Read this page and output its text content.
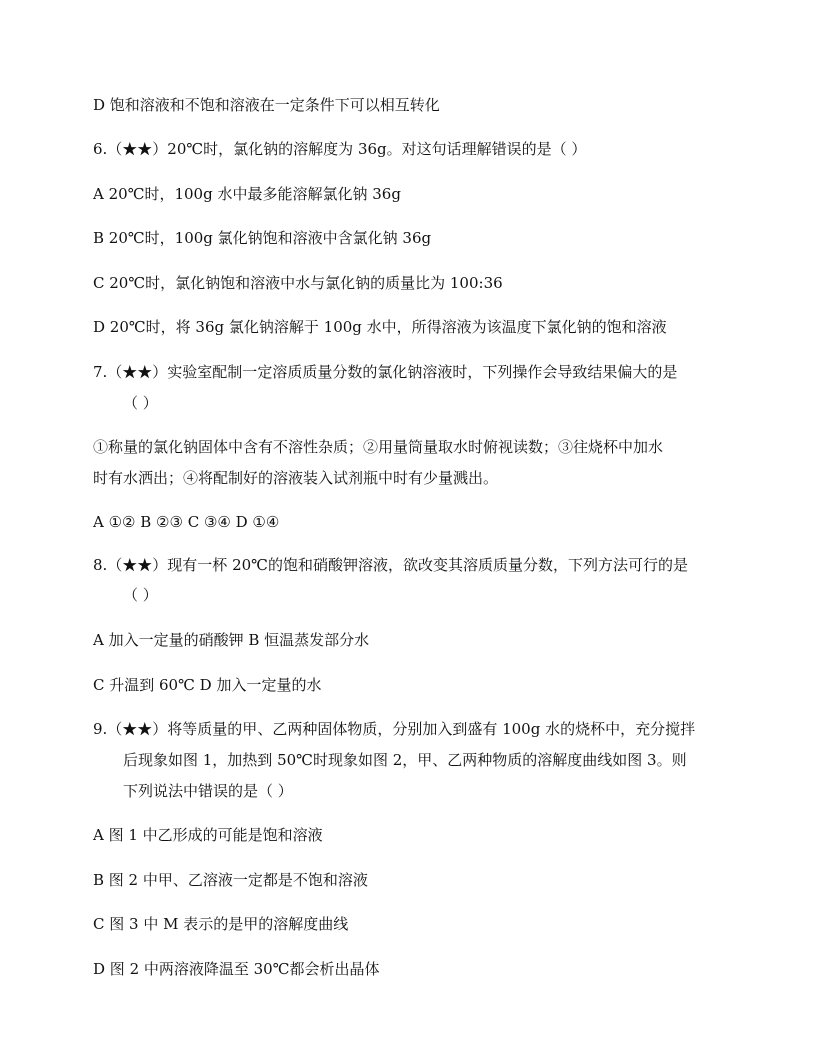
D 饱和溶液和不饱和溶液在一定条件下可以相互转化
6.（★★）20℃时，氯化钠的溶解度为 36g。对这句话理解错误的是（ ）
A 20℃时，100g 水中最多能溶解氯化钠 36g
B 20℃时，100g 氯化钠饱和溶液中含氯化钠 36g
C 20℃时，氯化钠饱和溶液中水与氯化钠的质量比为 100:36
D 20℃时，将 36g 氯化钠溶解于 100g 水中，所得溶液为该温度下氯化钠的饱和溶液
7.（★★）实验室配制一定溶质质量分数的氯化钠溶液时，下列操作会导致结果偏大的是
（ ）
①称量的氯化钠固体中含有不溶性杂质；②用量筒量取水时俯视读数；③往烧杯中加水
时有水洒出；④将配制好的溶液装入试剂瓶中时有少量溅出。
A ①② B ②③ C ③④ D ①④
8.（★★）现有一杯 20℃的饱和硝酸钾溶液，欲改变其溶质质量分数，下列方法可行的是
（ ）
A 加入一定量的硝酸钾 B 恒温蒸发部分水
C 升温到 60℃ D 加入一定量的水
9.（★★）将等质量的甲、乙两种固体物质，分别加入到盛有 100g 水的烧杯中，充分搅拌
后现象如图 1，加热到 50℃时现象如图 2，甲、乙两种物质的溶解度曲线如图 3。则
下列说法中错误的是（ ）
A 图 1 中乙形成的可能是饱和溶液
B 图 2 中甲、乙溶液一定都是不饱和溶液
C 图 3 中 M 表示的是甲的溶解度曲线
D 图 2 中两溶液降温至 30℃都会析出晶体
